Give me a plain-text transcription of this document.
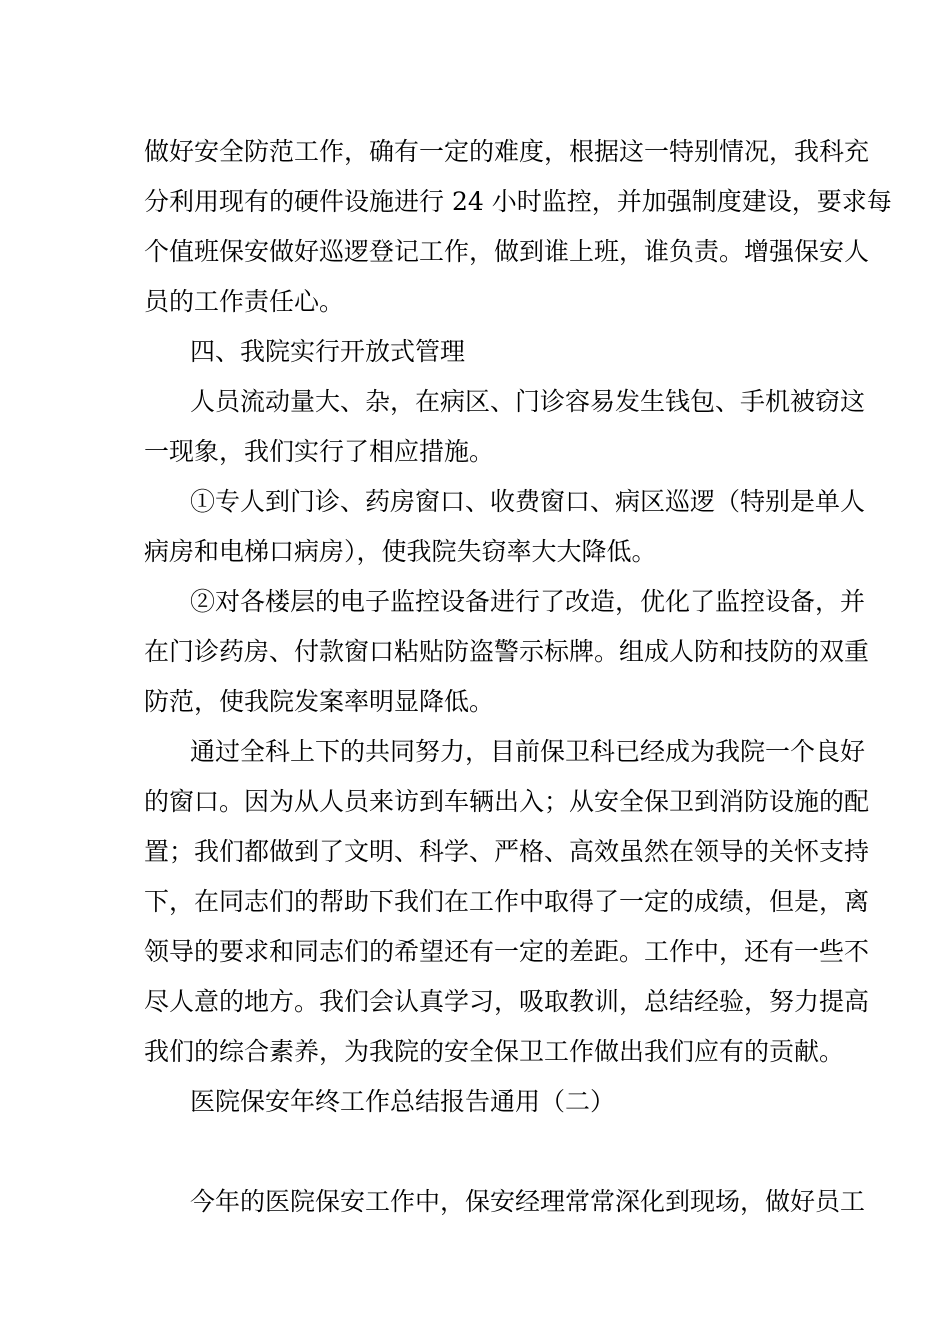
做好安全防范工作，确有一定的难度，根据这一特别情况，我科充
分利用现有的硬件设施进行 24 小时监控，并加强制度建设，要求每
个值班保安做好巡逻登记工作，做到谁上班，谁负责。增强保安人
员的工作责任心。
四、我院实行开放式管理
人员流动量大、杂，在病区、门诊容易发生钱包、手机被窃这
一现象，我们实行了相应措施。
①专人到门诊、药房窗口、收费窗口、病区巡逻（特别是单人
病房和电梯口病房），使我院失窃率大大降低。
②对各楼层的电子监控设备进行了改造，优化了监控设备，并
在门诊药房、付款窗口粘贴防盗警示标牌。组成人防和技防的双重
防范，使我院发案率明显降低。
通过全科上下的共同努力，目前保卫科已经成为我院一个良好
的窗口。因为从人员来访到车辆出入；从安全保卫到消防设施的配
置；我们都做到了文明、科学、严格、高效虽然在领导的关怀支持
下，在同志们的帮助下我们在工作中取得了一定的成绩，但是，离
领导的要求和同志们的希望还有一定的差距。工作中，还有一些不
尽人意的地方。我们会认真学习，吸取教训，总结经验，努力提高
我们的综合素养，为我院的安全保卫工作做出我们应有的贡献。
医院保安年终工作总结报告通用（二）
今年的医院保安工作中，保安经理常常深化到现场，做好员工
